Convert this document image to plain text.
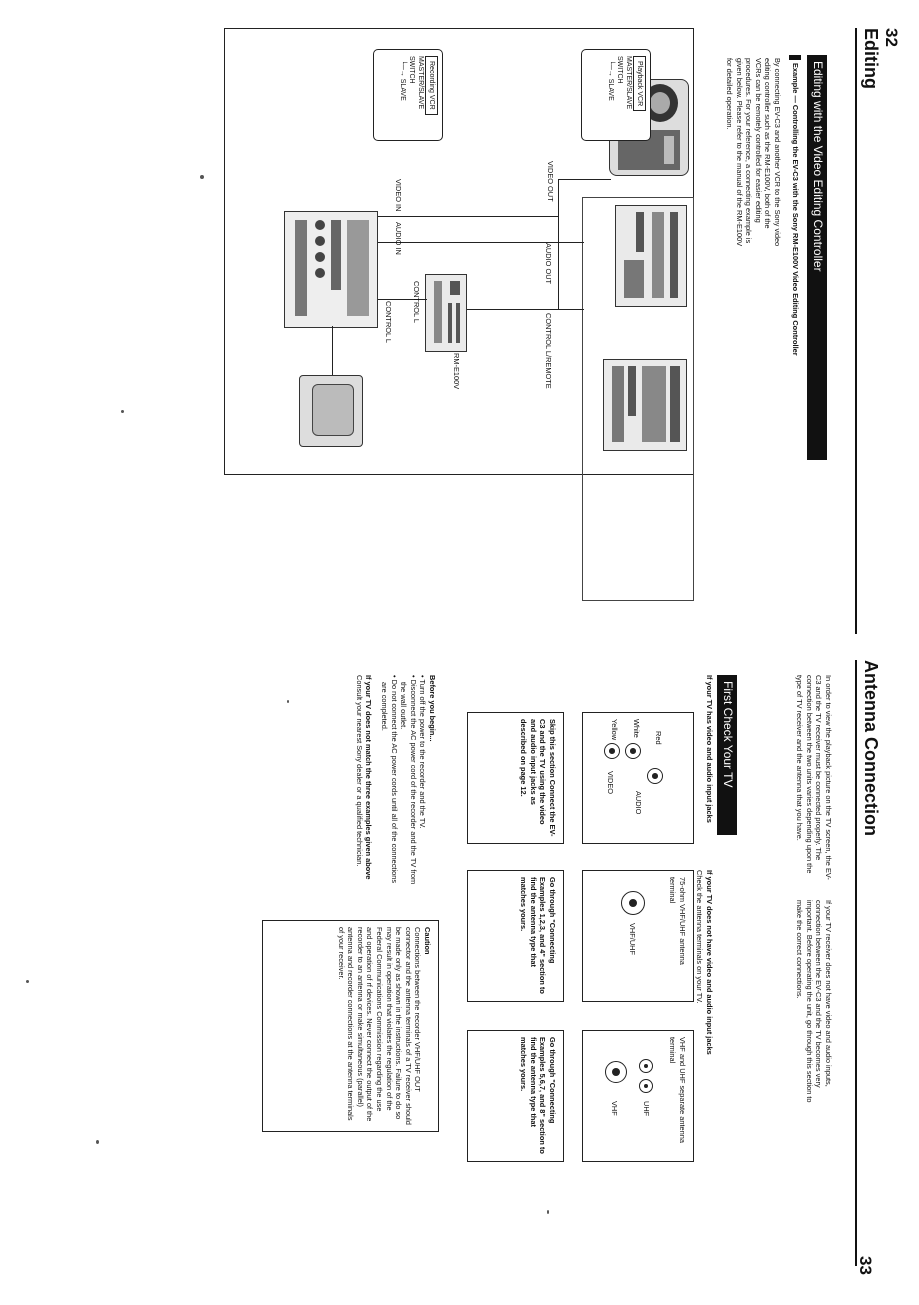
32
Editing
Editing with the Video Editing Controller
Example — Controlling the EV-C3 with the Sony RM-E100V Video Editing Controller
By connecting EV-C3 and another VCR to the Sony video editing controller such as the RM-E100V, both of the VCRs can be remotely controlled for easier editing procedures. For your reference, a connecting example is given below. Please refer to the manual of the RM-E100V for detailed operation.
VIDEO OUT
AUDIO OUT
CONTROL L/REMOTE
VIDEO IN
AUDIO IN
CONTROL L	CONTROL L
RM-E100V
Playback VCR
MASTER/SLAVE SWITCH
└─→ SLAVE
Recording VCR
MASTER/SLAVE SWITCH
└─→ SLAVE
Antenna Connection
33
In order to view the playback picture on the TV screen, the EV-C3 and the TV receiver must be connected properly. The connection between the two units varies depending upon the type of TV receiver and the antenna that you have.
If your TV receiver does not have video and audio inputs, connection between the EV-C3 and the TV becomes very important. Before operating the unit, go through this section to make the correct connections.
First Check Your TV
If your TV has video and audio input jacks
If your TV does not have video and audio input jacks
Check the antenna terminals on your TV.
Yellow White Red
VIDEO
AUDIO
Skip this section Connect the EV-C3 and the TV using the video and audio input jacks as described on page 12.
75-ohm VHF/UHF antenna terminal
VHF/UHF
Go through "Connecting Examples 1,2,3, and 4" section to find the antenna type that matches yours.
VHF and UHF separate antenna terminal
UHF
VHF
Go through "Connecting Examples 5,6,7, and 8" section to find the antenna type that matches yours.
Before you begin...
• Turn off the power to the recorder and the TV.
• Disconnect the AC power cord of the recorder and the TV from the wall outlet.
• Do not connect the AC power cords until all of the connections are completed.
If your TV does not match the three examples given above
Consult your nearest Sony dealer or a qualified technician.
Caution
Connections between the recorder VHF/UHF OUT connector and the antenna terminals of a TV receiver should be made only as shown in the instructions. Failure to do so may result in operation that violates the regulation of the Federal Communications Commission regarding the use and operation of rf devices. Never connect the output of the recorder to an antenna or make simultaneous (parallel) antenna and recorder connections at the antenna terminals of your receiver.
